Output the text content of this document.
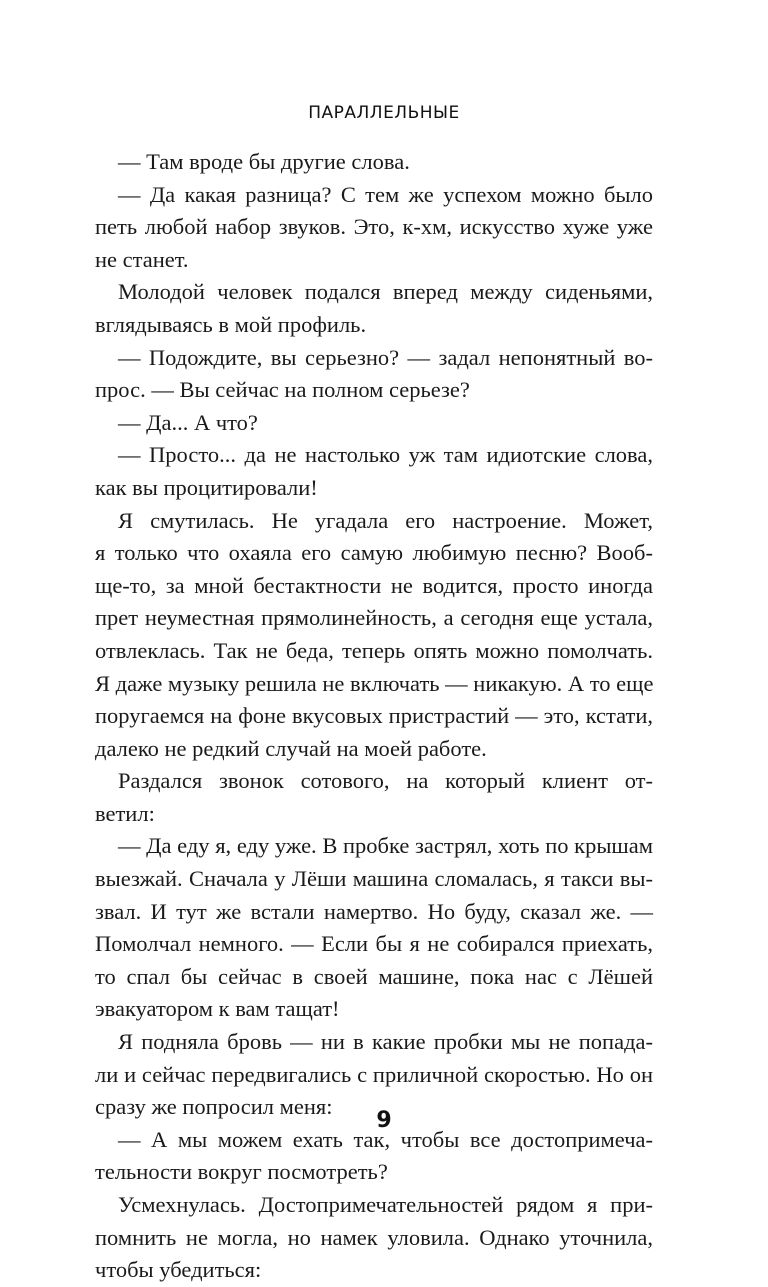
ПАРАЛЛЕЛЬНЫЕ
— Там вроде бы другие слова.
— Да какая разница? С тем же успехом можно было
петь любой набор звуков. Это, к-хм, искусство хуже уже
не станет.
Молодой человек подался вперед между сиденьями,
вглядываясь в мой профиль.
— Подождите, вы серьезно? — задал непонятный во-
прос. — Вы сейчас на полном серьезе?
— Да... А что?
— Просто... да не настолько уж там идиотские слова,
как вы процитировали!
Я смутилась. Не угадала его настроение. Может,
я только что охаяла его самую любимую песню? Вооб-
ще-то, за мной бестактности не водится, просто иногда
прет неуместная прямолинейность, а сегодня еще устала,
отвлеклась. Так не беда, теперь опять можно помолчать.
Я даже музыку решила не включать — никакую. А то еще
поругаемся на фоне вкусовых пристрастий — это, кстати,
далеко не редкий случай на моей работе.
Раздался звонок сотового, на который клиент от-
ветил:
— Да еду я, еду уже. В пробке застрял, хоть по крышам
выезжай. Сначала у Лёши машина сломалась, я такси вы-
звал. И тут же встали намертво. Но буду, сказал же. —
Помолчал немного. — Если бы я не собирался приехать,
то спал бы сейчас в своей машине, пока нас с Лёшей
эвакуатором к вам тащат!
Я подняла бровь — ни в какие пробки мы не попада-
ли и сейчас передвигались с приличной скоростью. Но он
сразу же попросил меня:
— А мы можем ехать так, чтобы все достопримеча-
тельности вокруг посмотреть?
Усмехнулась. Достопримечательностей рядом я при-
помнить не могла, но намек уловила. Однако уточнила,
чтобы убедиться:
9
